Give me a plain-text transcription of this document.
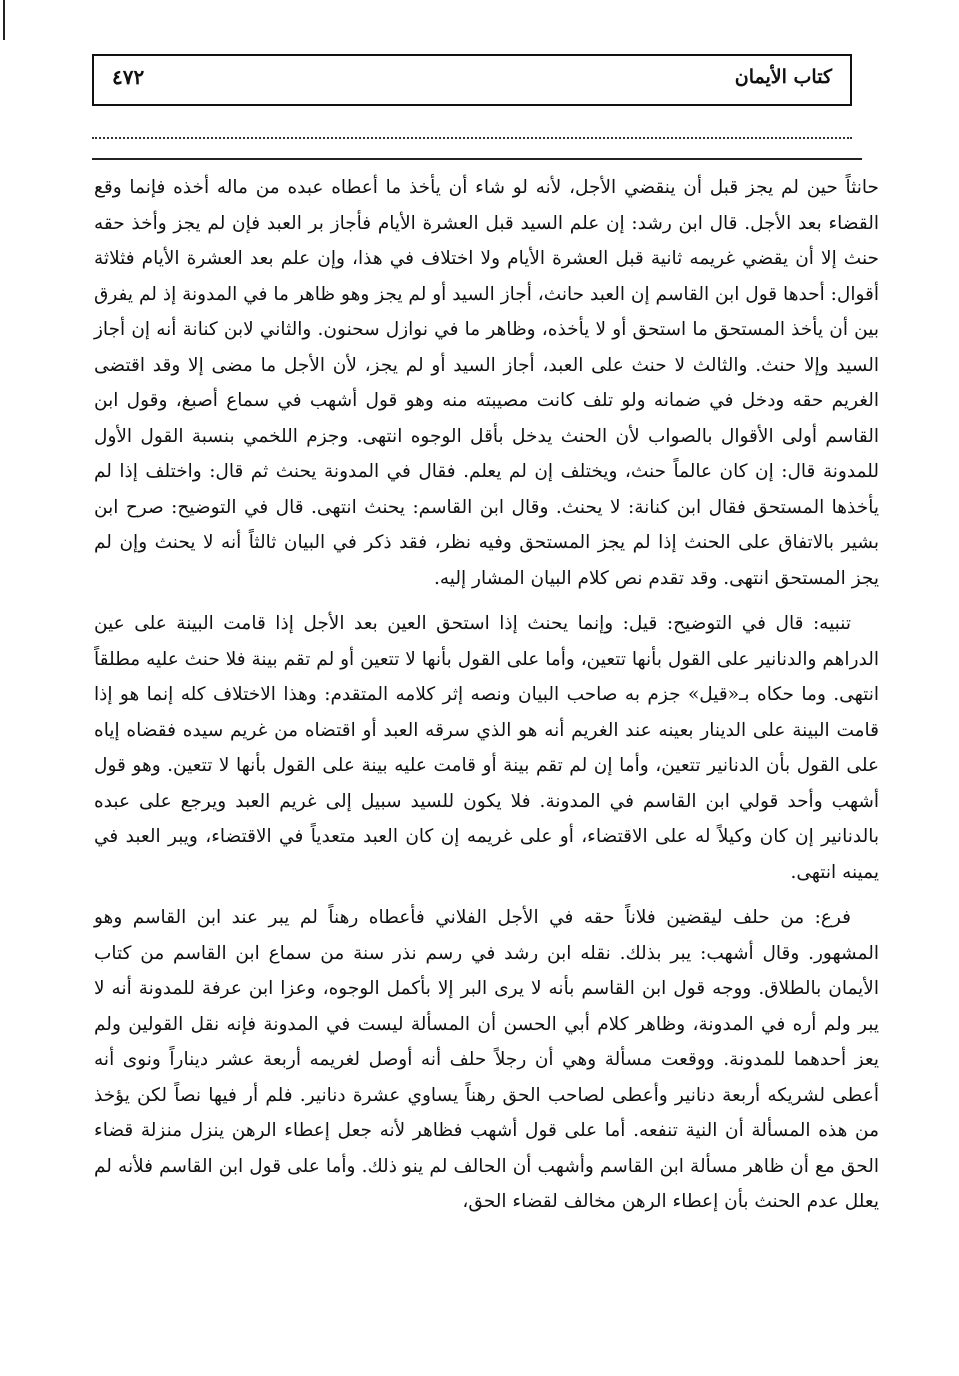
كتاب الأيمان
٤٧٢

حانثاً حين لم يجز قبل أن ينقضي الأجل، لأنه لو شاء أن يأخذ ما أعطاه عبده من ماله أخذه فإنما وقع القضاء بعد الأجل. قال ابن رشد: إن علم السيد قبل العشرة الأيام فأجاز بر العبد فإن لم يجز وأخذ حقه حنث إلا أن يقضي غريمه ثانية قبل العشرة الأيام ولا اختلاف في هذا، وإن علم بعد العشرة الأيام فثلاثة أقوال: أحدها قول ابن القاسم إن العبد حانث، أجاز السيد أو لم يجز وهو ظاهر ما في المدونة إذ لم يفرق بين أن يأخذ المستحق ما استحق أو لا يأخذه، وظاهر ما في نوازل سحنون. والثاني لابن كنانة أنه إن أجاز السيد وإلا حنث. والثالث لا حنث على العبد، أجاز السيد أو لم يجز، لأن الأجل ما مضى إلا وقد اقتضى الغريم حقه ودخل في ضمانه ولو تلف كانت مصيبته منه وهو قول أشهب في سماع أصبغ، وقول ابن القاسم أولى الأقوال بالصواب لأن الحنث يدخل بأقل الوجوه انتهى. وجزم اللخمي بنسبة القول الأول للمدونة قال: إن كان عالماً حنث، ويختلف إن لم يعلم. فقال في المدونة يحنث ثم قال: واختلف إذا لم يأخذها المستحق فقال ابن كنانة: لا يحنث. وقال ابن القاسم: يحنث انتهى. قال في التوضيح: صرح ابن بشير بالاتفاق على الحنث إذا لم يجز المستحق وفيه نظر، فقد ذكر في البيان ثالثاً أنه لا يحنث وإن لم يجز المستحق انتهى. وقد تقدم نص كلام البيان المشار إليه.

تنبيه: قال في التوضيح: قيل: وإنما يحنث إذا استحق العين بعد الأجل إذا قامت البينة على عين الدراهم والدنانير على القول بأنها تتعين، وأما على القول بأنها لا تتعين أو لم تقم بينة فلا حنث عليه مطلقاً انتهى. وما حكاه بـ«قيل» جزم به صاحب البيان ونصه إثر كلامه المتقدم: وهذا الاختلاف كله إنما هو إذا قامت البينة على الدينار بعينه عند الغريم أنه هو الذي سرقه العبد أو اقتضاه من غريم سيده فقضاه إياه على القول بأن الدنانير تتعين، وأما إن لم تقم بينة أو قامت عليه بينة على القول بأنها لا تتعين. وهو قول أشهب وأحد قولي ابن القاسم في المدونة. فلا يكون للسيد سبيل إلى غريم العبد ويرجع على عبده بالدنانير إن كان وكيلاً له على الاقتضاء، أو على غريمه إن كان العبد متعدياً في الاقتضاء، ويبر العبد في يمينه انتهى.

فرع: من حلف ليقضين فلاناً حقه في الأجل الفلاني فأعطاه رهناً لم يبر عند ابن القاسم وهو المشهور. وقال أشهب: يبر بذلك. نقله ابن رشد في رسم نذر سنة من سماع ابن القاسم من كتاب الأيمان بالطلاق. ووجه قول ابن القاسم بأنه لا يرى البر إلا بأكمل الوجوه، وعزا ابن عرفة للمدونة أنه لا يبر ولم أره في المدونة، وظاهر كلام أبي الحسن أن المسألة ليست في المدونة فإنه نقل القولين ولم يعز أحدهما للمدونة. ووقعت مسألة وهي أن رجلاً حلف أنه أوصل لغريمه أربعة عشر ديناراً ونوى أنه أعطى لشريكه أربعة دنانير وأعطى لصاحب الحق رهناً يساوي عشرة دنانير. فلم أر فيها نصاً لكن يؤخذ من هذه المسألة أن النية تنفعه. أما على قول أشهب فظاهر لأنه جعل إعطاء الرهن ينزل منزلة قضاء الحق مع أن ظاهر مسألة ابن القاسم وأشهب أن الحالف لم ينو ذلك. وأما على قول ابن القاسم فلأنه لم يعلل عدم الحنث بأن إعطاء الرهن مخالف لقضاء الحق،
